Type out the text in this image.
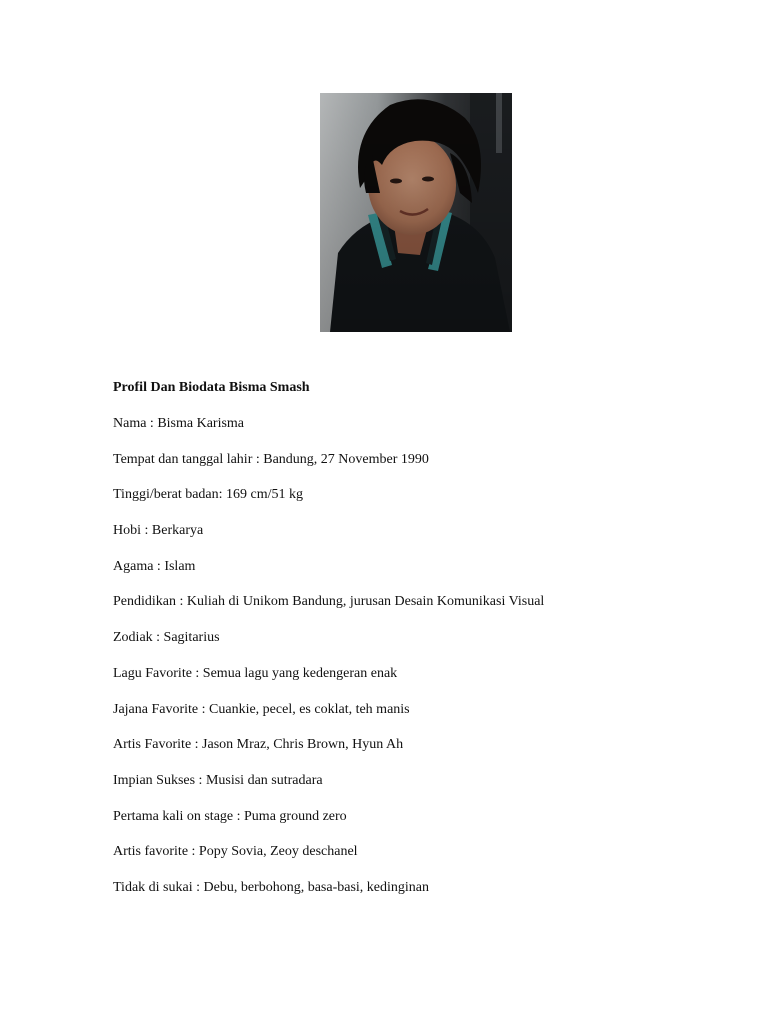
Profil Dan Biodata Bisma Smash

Nama : Bisma Karisma

Tempat dan tanggal lahir : Bandung, 27 November 1990

Tinggi/berat badan: 169 cm/51 kg

Hobi : Berkarya

Agama : Islam

Pendidikan : Kuliah di Unikom Bandung, jurusan Desain Komunikasi Visual

Zodiak : Sagitarius

Lagu Favorite : Semua lagu yang kedengeran enak

Jajana Favorite : Cuankie, pecel, es coklat, teh manis

Artis Favorite : Jason Mraz, Chris Brown, Hyun Ah

Impian Sukses : Musisi dan sutradara

Pertama kali on stage : Puma ground zero

Artis favorite : Popy Sovia, Zeoy deschanel

Tidak di sukai : Debu, berbohong, basa-basi, kedinginan
